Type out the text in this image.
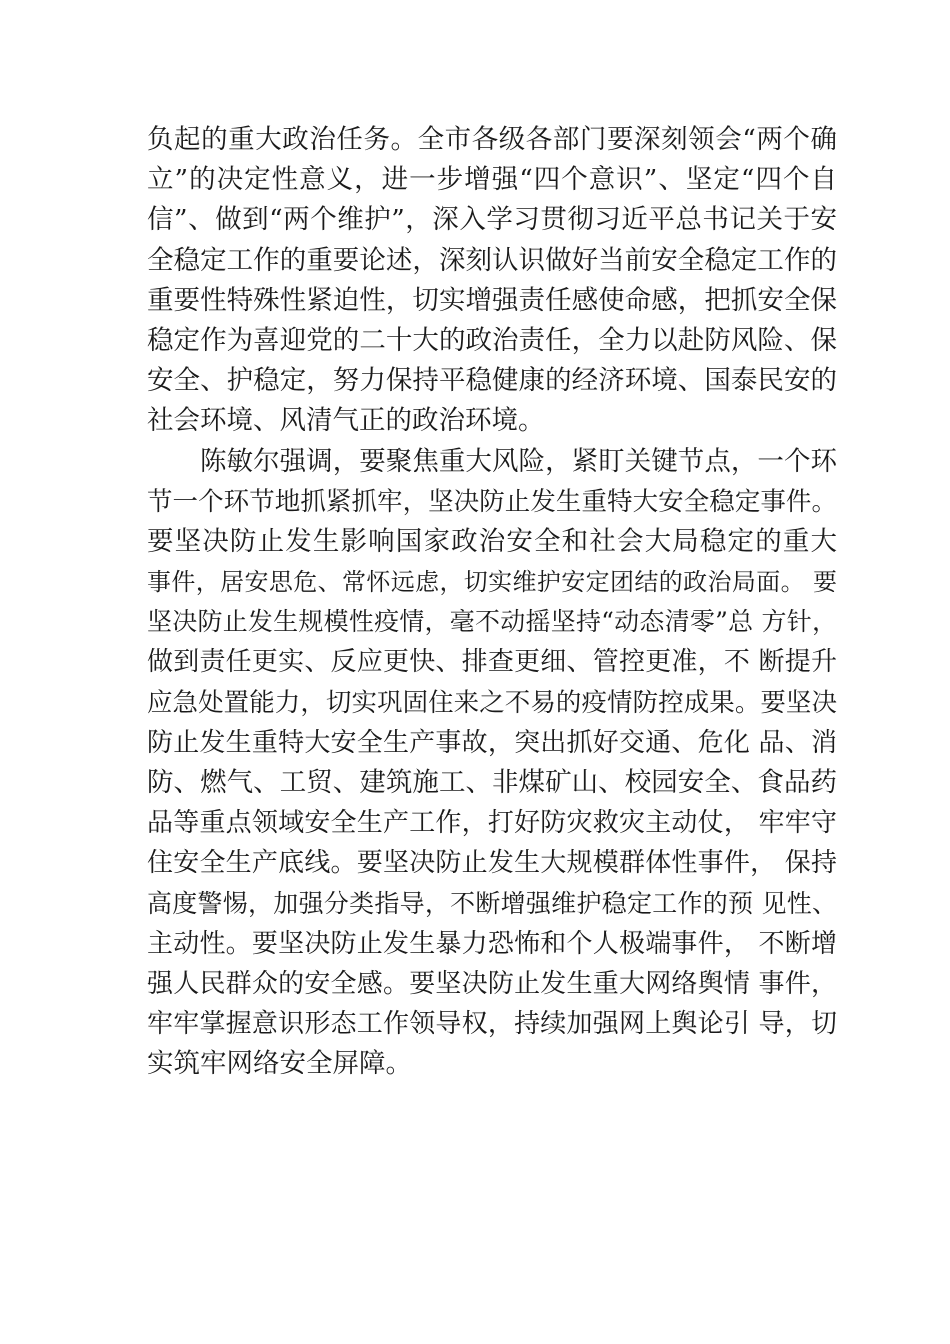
负起的重大政治任务。全市各级各部门要深刻领会“两个确
立”的决定性意义，进一步增强“四个意识”、坚定“四个自
信”、做到“两个维护”，深入学习贯彻习近平总书记关于安
全稳定工作的重要论述，深刻认识做好当前安全稳定工作的
重要性特殊性紧迫性，切实增强责任感使命感，把抓安全保
稳定作为喜迎党的二十大的政治责任，全力以赴防风险、保
安全、护稳定，努力保持平稳健康的经济环境、国泰民安的
社会环境、风清气正的政治环境。
陈敏尔强调，要聚焦重大风险，紧盯关键节点，一个环
节一个环节地抓紧抓牢，坚决防止发生重特大安全稳定事件。
要坚决防止发生影响国家政治安全和社会大局稳定的重大
事件，居安思危、常怀远虑，切实维护安定团结的政治局面。 要
坚决防止发生规模性疫情，毫不动摇坚持“动态清零”总 方针，
做到责任更实、反应更快、排查更细、管控更准，不 断提升
应急处置能力，切实巩固住来之不易的疫情防控成果。要坚决
防止发生重特大安全生产事故，突出抓好交通、危化 品、消
防、燃气、工贸、建筑施工、非煤矿山、校园安全、食品药
品等重点领域安全生产工作，打好防灾救灾主动仗， 牢牢守
住安全生产底线。要坚决防止发生大规模群体性事件， 保持
高度警惕，加强分类指导，不断增强维护稳定工作的预 见性、
主动性。要坚决防止发生暴力恐怖和个人极端事件， 不断增
强人民群众的安全感。要坚决防止发生重大网络舆情 事件，
牢牢掌握意识形态工作领导权，持续加强网上舆论引 导，切
实筑牢网络安全屏障。
